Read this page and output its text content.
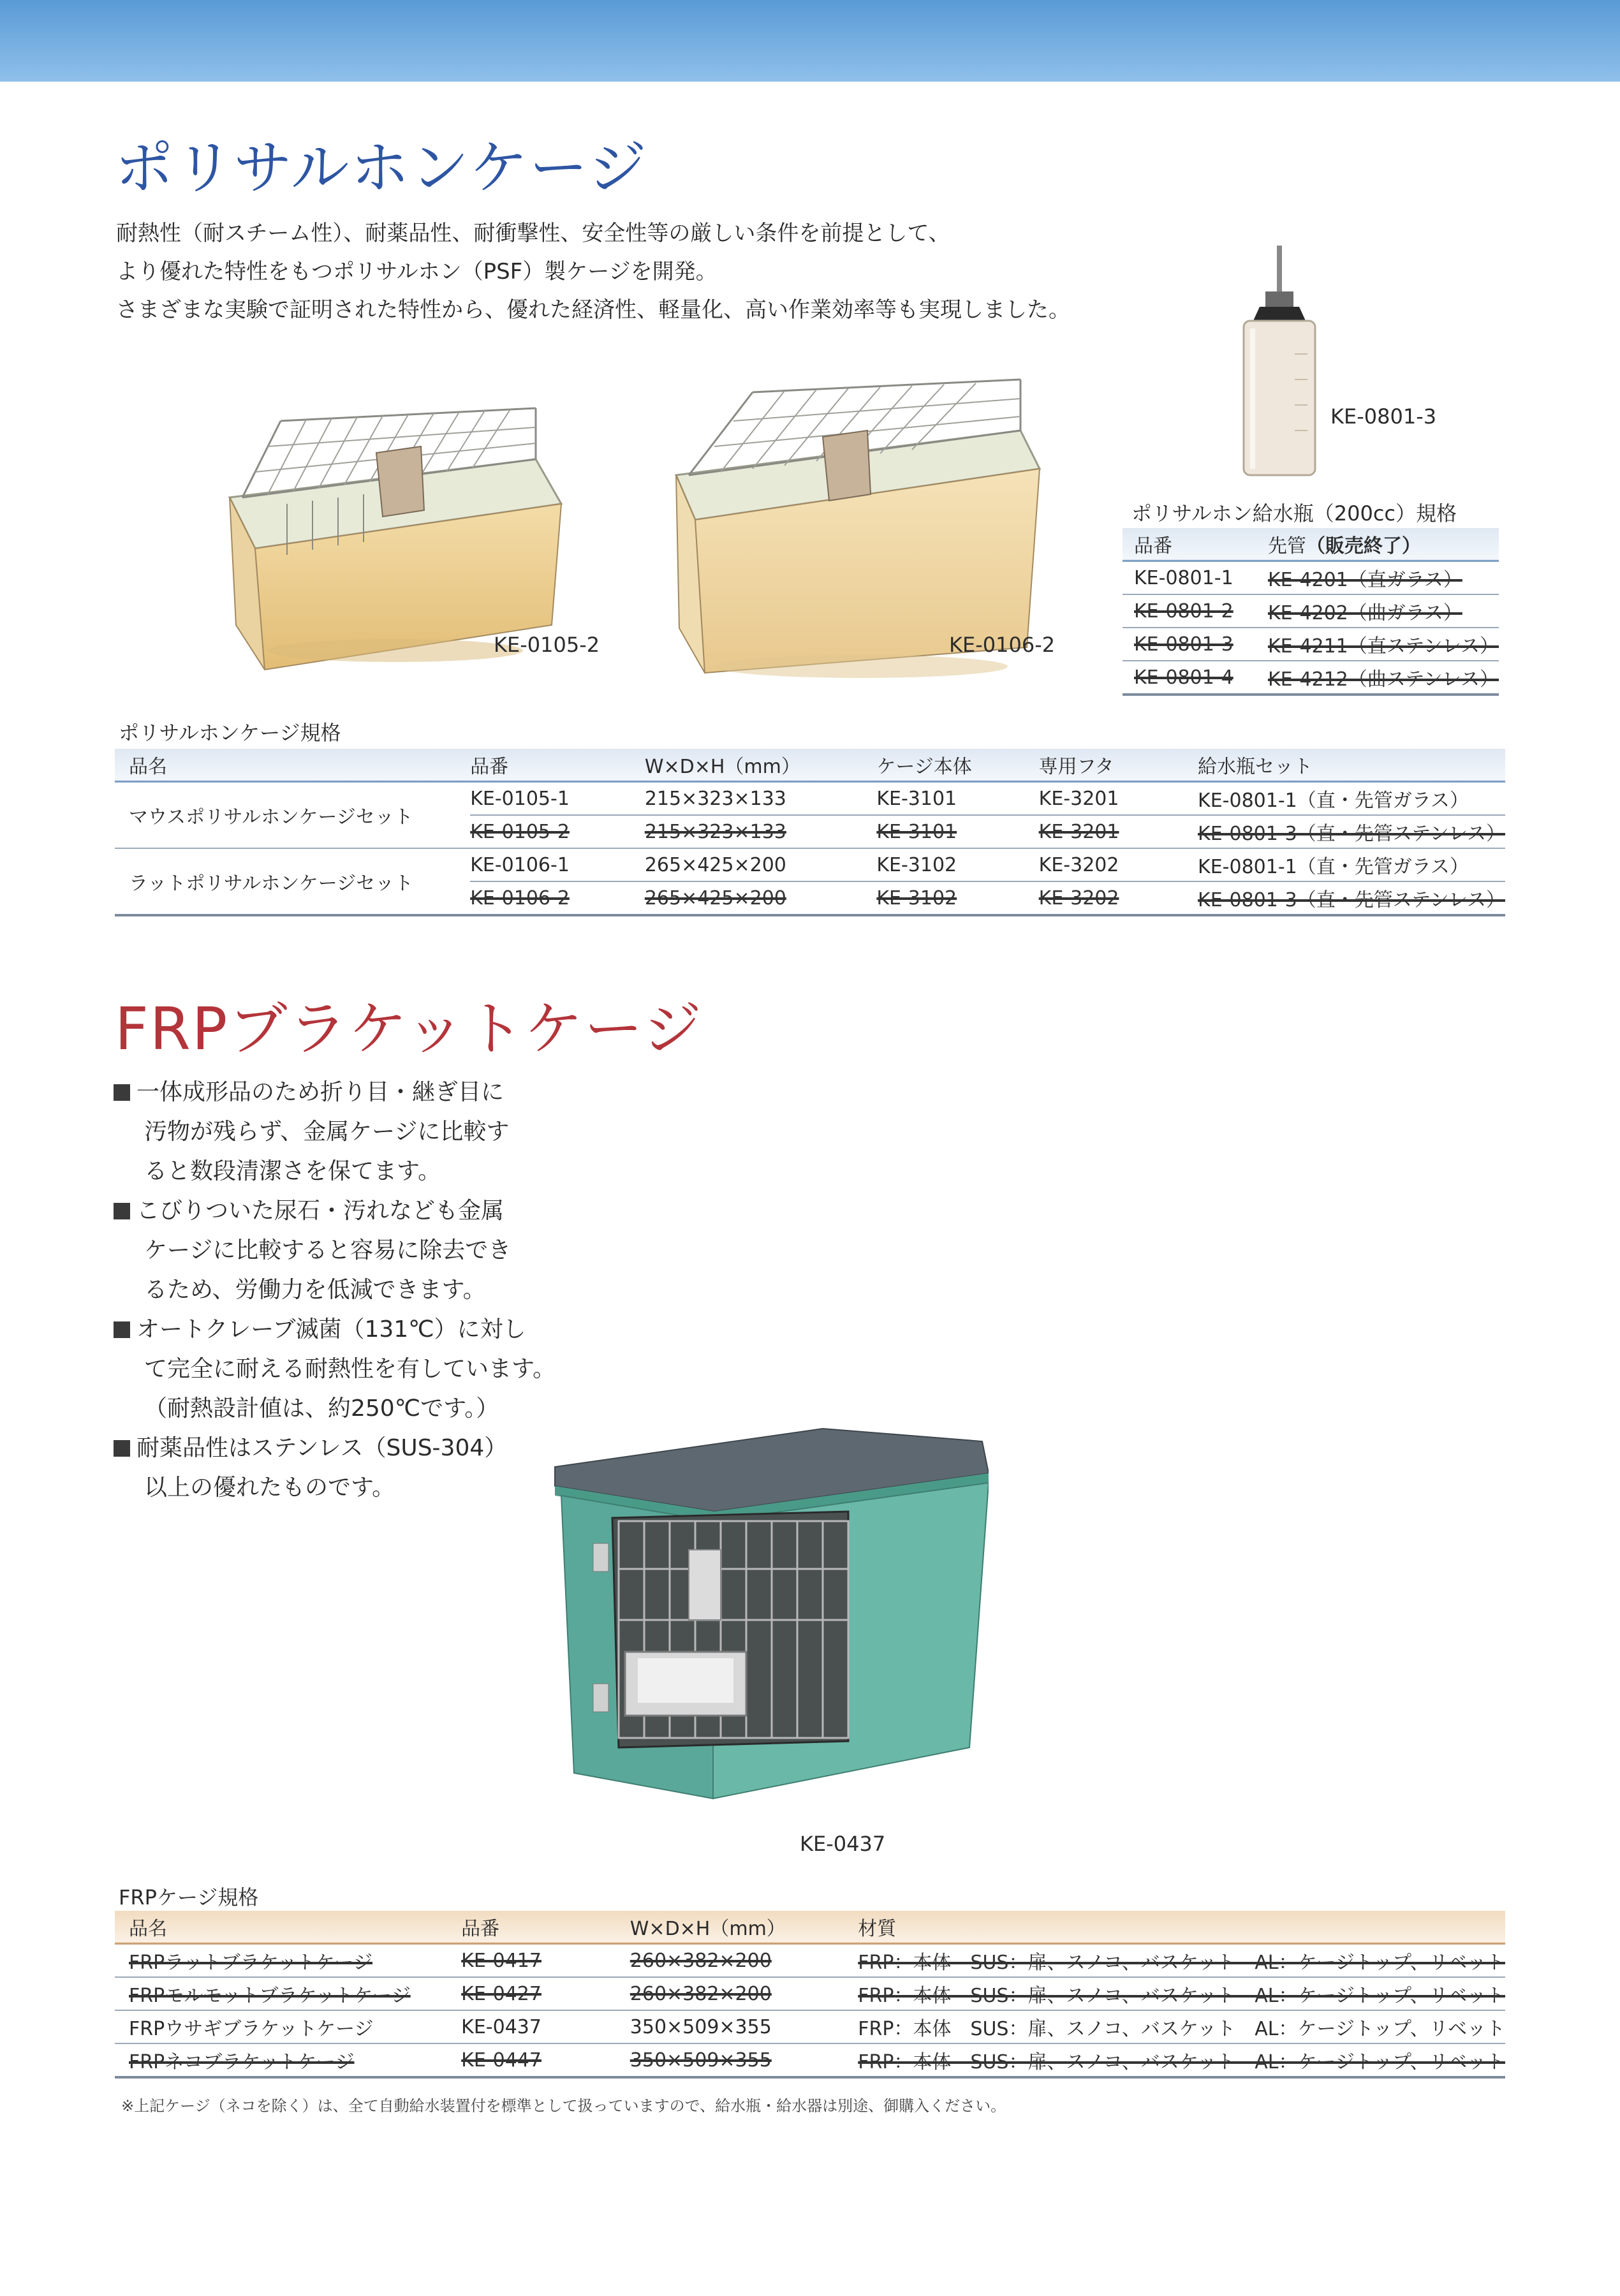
ポリサルホンケージ
耐熱性（耐スチーム性）、耐薬品性、耐衝撃性、安全性等の厳しい条件を前提として、
より優れた特性をもつポリサルホン（PSF）製ケージを開発。
さまざまな実験で証明された特性から、優れた経済性、軽量化、高い作業効率等も実現しました。
KE-0105-2	KE-0106-2
KE-0801-3
ポリサルホン給水瓶（200cc）規格
品番	先管（販売終了）
KE-0801-1	KE-4201（直ガラス）
KE-0801-2	KE-4202（曲ガラス）
KE-0801-3	KE-4211（直ステンレス）
KE-0801-4	KE-4212（曲ステンレス）
ポリサルホンケージ規格
品名	品番	W×D×H（mm）	ケージ本体	専用フタ	給水瓶セット
マウスポリサルホンケージセット	KE-0105-1	215×323×133	KE-3101	KE-3201	KE-0801-1（直・先管ガラス）
	KE-0105-2	215×323×133	KE-3101	KE-3201	KE-0801-3（直・先管ステンレス）
ラットポリサルホンケージセット	KE-0106-1	265×425×200	KE-3102	KE-3202	KE-0801-1（直・先管ガラス）
	KE-0106-2	265×425×200	KE-3102	KE-3202	KE-0801-3（直・先管ステンレス）
FRPブラケットケージ
一体成形品のため折り目・継ぎ目に
汚物が残らず、金属ケージに比較す
ると数段清潔さを保てます。
こびりついた尿石・汚れなども金属
ケージに比較すると容易に除去でき
るため、労働力を低減できます。
オートクレーブ滅菌（131℃）に対し
て完全に耐える耐熱性を有しています。
（耐熱設計値は、約250℃です。）
耐薬品性はステンレス（SUS-304）
以上の優れたものです。
KE-0437
FRPケージ規格
品名	品番	W×D×H（mm）	材質
FRPラットブラケットケージ	KE-0417	260×382×200	FRP：本体　SUS：扉、スノコ、バスケット　AL：ケージトップ、リベット
FRPモルモットブラケットケージ	KE-0427	260×382×200	FRP：本体　SUS：扉、スノコ、バスケット　AL：ケージトップ、リベット
FRPウサギブラケットケージ	KE-0437	350×509×355	FRP：本体　SUS：扉、スノコ、バスケット　AL：ケージトップ、リベット
FRPネコブラケットケージ	KE-0447	350×509×355	FRP：本体　SUS：扉、スノコ、バスケット　AL：ケージトップ、リベット
※上記ケージ（ネコを除く）は、全て自動給水装置付を標準として扱っていますので、給水瓶・給水器は別途、御購入ください。
